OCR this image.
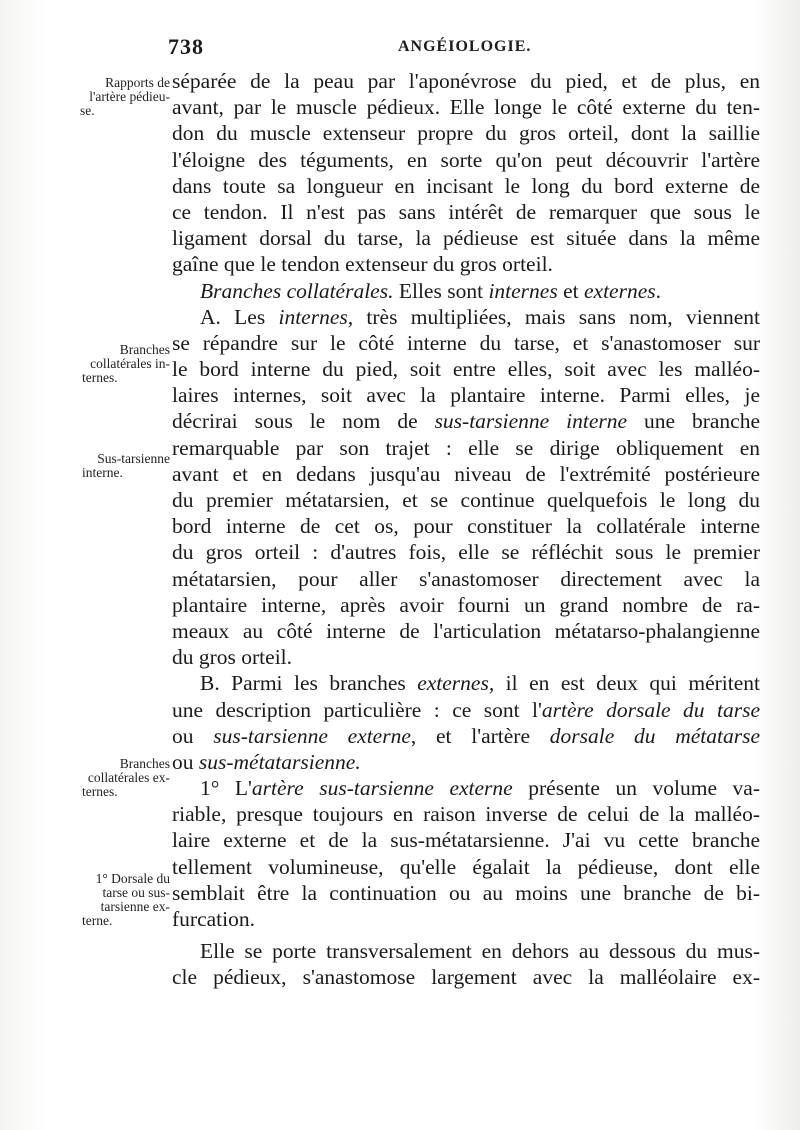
738	ANGÉIOLOGIE.
Rapports de
l'artère pédieu-
se.
Branches
collatérales in-
ternes.
Sus-tarsienne
interne.
Branches
collatérales ex-
ternes.
1° Dorsale du
tarse ou sus-
tarsienne ex-
terne.
séparée de la peau par l'aponévrose du pied, et de plus, en
avant, par le muscle pédieux. Elle longe le côté externe du ten-
don du muscle extenseur propre du gros orteil, dont la saillie
l'éloigne des téguments, en sorte qu'on peut découvrir l'artère
dans toute sa longueur en incisant le long du bord externe de
ce tendon. Il n'est pas sans intérêt de remarquer que sous le
ligament dorsal du tarse, la pédieuse est située dans la même
gaîne que le tendon extenseur du gros orteil.
Branches collatérales. Elles sont internes et externes.
A. Les internes, très multipliées, mais sans nom, viennent
se répandre sur le côté interne du tarse, et s'anastomoser sur
le bord interne du pied, soit entre elles, soit avec les malléo-
laires internes, soit avec la plantaire interne. Parmi elles, je
décrirai sous le nom de sus-tarsienne interne une branche
remarquable par son trajet : elle se dirige obliquement en
avant et en dedans jusqu'au niveau de l'extrémité postérieure
du premier métatarsien, et se continue quelquefois le long du
bord interne de cet os, pour constituer la collatérale interne
du gros orteil : d'autres fois, elle se réfléchit sous le premier
métatarsien, pour aller s'anastomoser directement avec la
plantaire interne, après avoir fourni un grand nombre de ra-
meaux au côté interne de l'articulation métatarso-phalangienne
du gros orteil.
B. Parmi les branches externes, il en est deux qui méritent
une description particulière : ce sont l'artère dorsale du tarse
ou sus-tarsienne externe, et l'artère dorsale du métatarse
ou sus-métatarsienne.
1° L'artère sus-tarsienne externe présente un volume va-
riable, presque toujours en raison inverse de celui de la malléo-
laire externe et de la sus-métatarsienne. J'ai vu cette branche
tellement volumineuse, qu'elle égalait la pédieuse, dont elle
semblait être la continuation ou au moins une branche de bi-
furcation.
Elle se porte transversalement en dehors au dessous du mus-
cle pédieux, s'anastomose largement avec la malléolaire ex-
